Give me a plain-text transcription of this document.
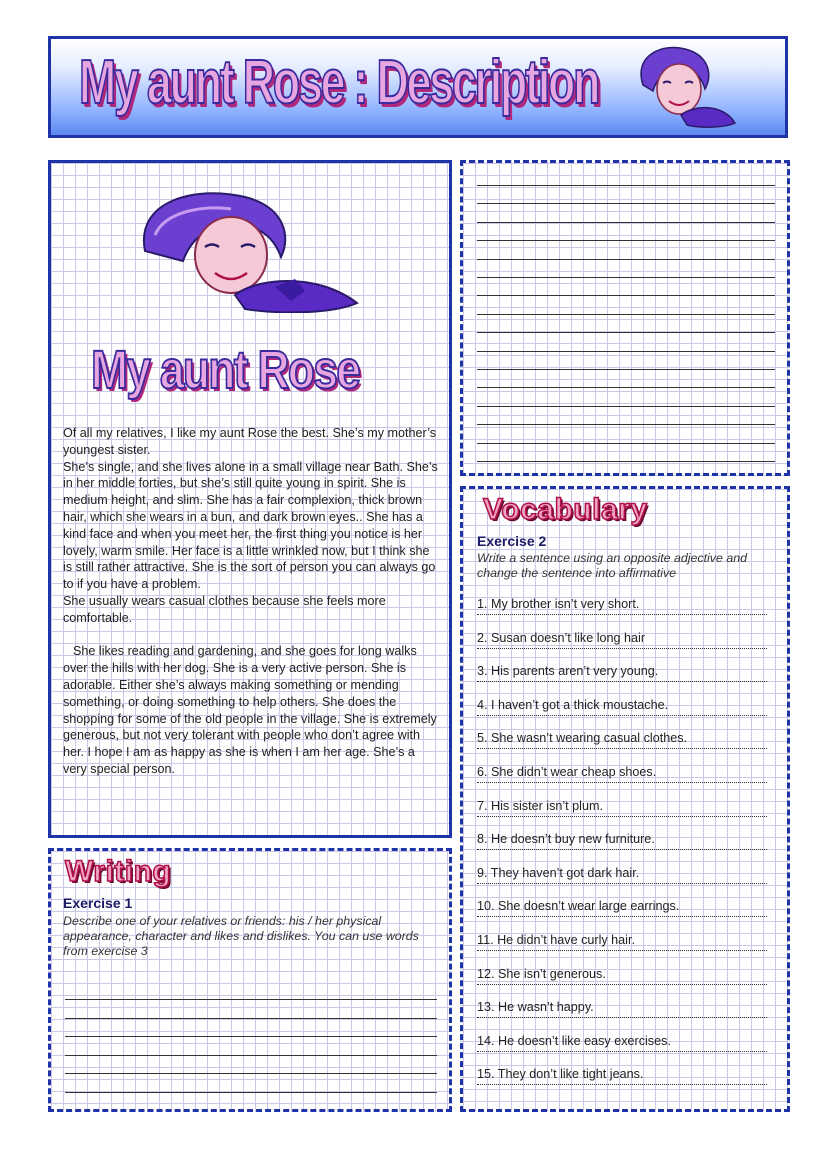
My aunt Rose : Description
My aunt Rose

Of all my relatives, I like my aunt Rose the best. She’s my mother’s youngest sister.

She’s single, and she lives alone in a small village near Bath. She’s in her middle forties, but she’s still quite young in spirit. She is medium height, and slim. She has a fair complexion, thick brown hair, which she wears in a bun, and dark brown eyes.. She has a kind face and when you meet her, the first thing you notice is her lovely, warm smile. Her face is a little wrinkled now, but I think she is still rather attractive. She is the sort of person you can always go to if you have a problem.

She usually wears casual clothes because she feels more comfortable.

She likes reading and gardening, and she goes for long walks over the hills with her dog. She is a very active person. She is adorable. Either she’s always making something or mending something, or doing something to help others. She does the shopping for some of the old people in the village. She is extremely generous, but not very tolerant with people who don’t agree with her. I hope I am as happy as she is when I am her age. She’s a very special person.

Vocabulary
Exercise 2
Write a sentence using an opposite adjective and change the sentence into affirmative
1. My brother isn’t very short.
2. Susan doesn’t like long hair
3. His parents aren’t very young.
4. I haven’t got a thick moustache.
5. She wasn’t wearing casual clothes.
6. She didn’t wear cheap shoes.
7. His sister isn’t plum.
8. He doesn’t buy new furniture.
9. They haven’t got dark hair.
10. She doesn’t wear large earrings.
11. He didn’t have curly hair.
12. She isn’t generous.
13. He wasn’t happy.
14. He doesn’t like easy exercises.
15. They don’t like tight jeans.
Writing
Exercise 1
Describe one of your relatives or friends: his / her physical appearance, character and likes and dislikes. You can use words from exercise 3
